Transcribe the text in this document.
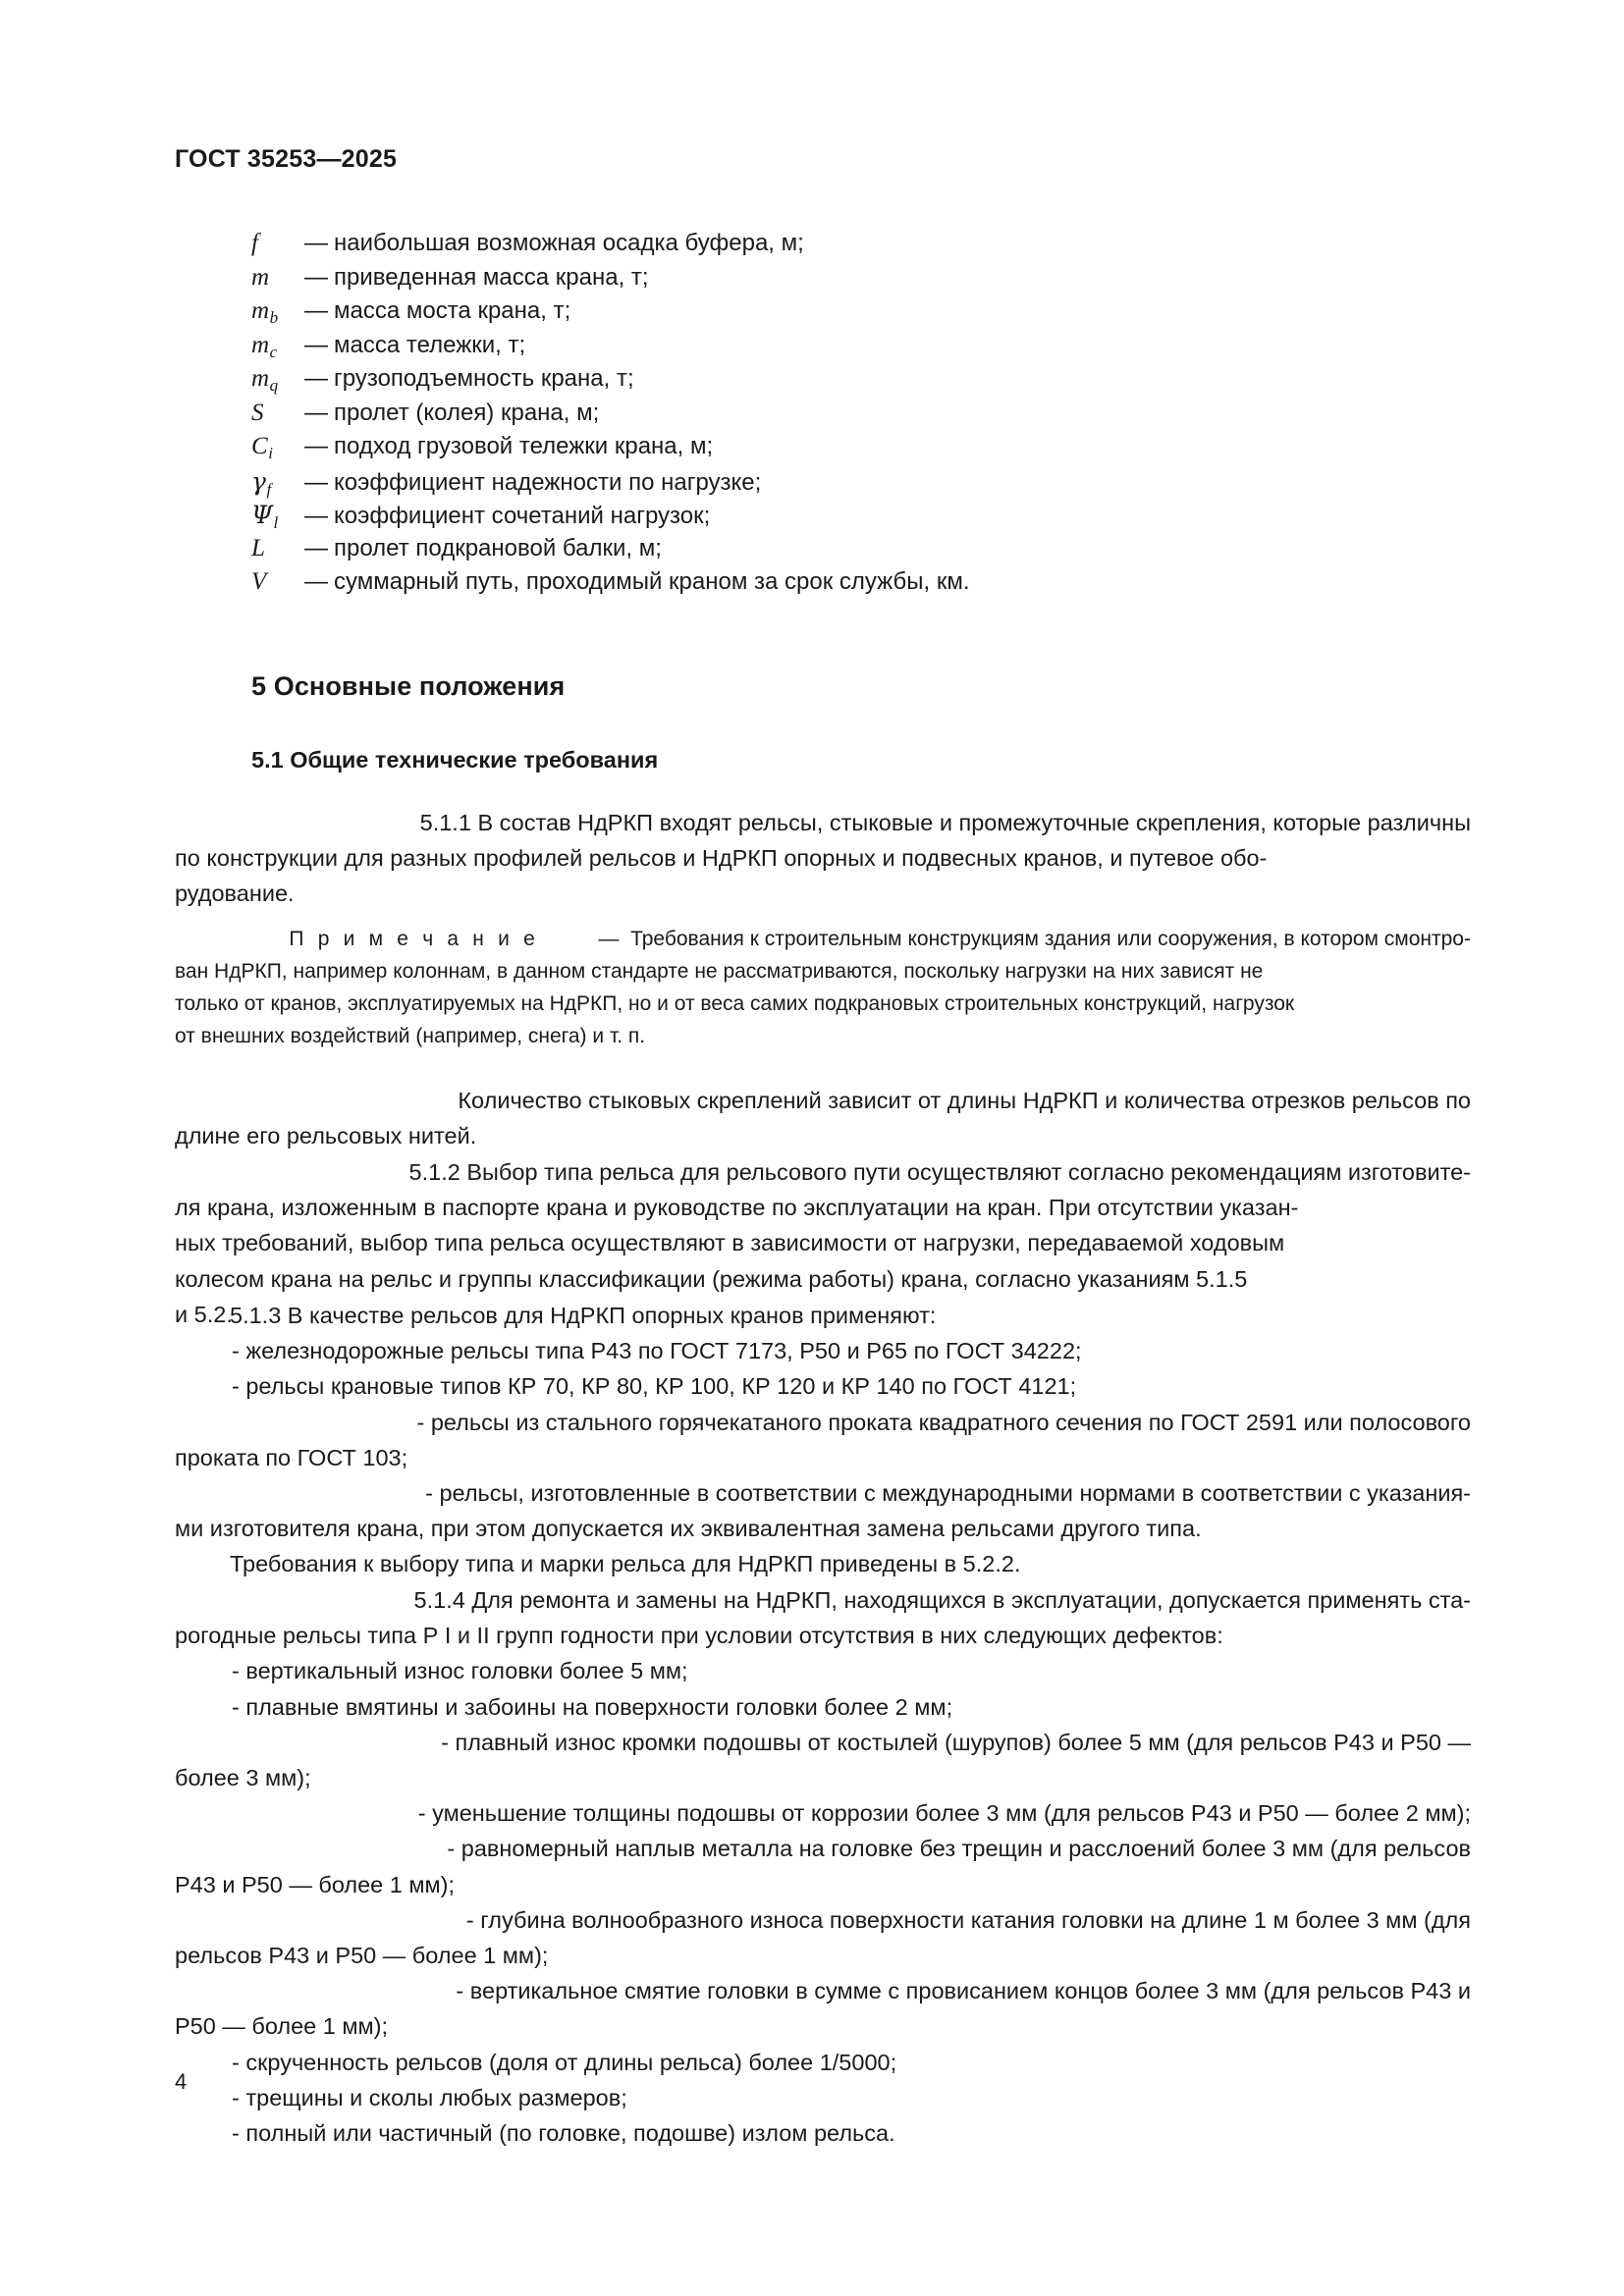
ГОСТ 35253—2025
f	— наибольшая возможная осадка буфера, м;
m	— приведенная масса крана, т;
$m_b$	— масса моста крана, т;
$m_c$	— масса тележки, т;
$m_q$	— грузоподъемность крана, т;
S	— пролет (колея) крана, м;
$C_i$	— подход грузовой тележки крана, м;
$\gamma_f$	— коэффициент надежности по нагрузке;
$\Psi_l$	— коэффициент сочетаний нагрузок;
L	— пролет подкрановой балки, м;
V	— суммарный путь, проходимый краном за срок службы, км.
5 Основные положения
5.1 Общие технические требования
5.1.1
В
состав
НдРКП
входят
рельсы,
стыковые
и
промежуточные
скрепления,
которые
различны
по
конструкции
для
разных
профилей
рельсов
и
НдРКП
опорных
и
подвесных
кранов,
и
путевое
обо-
рудование.
П р и м е ч а н и е	—

Требования
к
строительным
конструкциям
здания
или
сооружения,
в
котором
смонтро-
ван
НдРКП,
например
колоннам,
в
данном
стандарте
не
рассматриваются,
поскольку
нагрузки
на
них
зависят
не
только
от
кранов,
эксплуатируемых
на
НдРКП,
но
и
от
веса
самих
подкрановых
строительных
конструкций,
нагрузок
от внешних воздействий (например, снега) и т. п.
Количество
стыковых
скреплений
зависит
от
длины
НдРКП
и
количества
отрезков
рельсов
по
длине его рельсовых нитей.
5.1.2
Выбор
типа
рельса
для
рельсового
пути
осуществляют
согласно
рекомендациям
изготовите-
ля
крана,
изложенным
в
паспорте
крана
и
руководстве
по
эксплуатации
на
кран.
При
отсутствии
указан-
ных
требований,
выбор
типа
рельса
осуществляют
в
зависимости
от
нагрузки,
передаваемой
ходовым
колесом
крана
на
рельс
и
группы
классификации
(режима
работы)
крана,
согласно
указаниям
5.1.5
и 5.2.
5.1.3 В качестве рельсов для НдРКП опорных кранов применяют:
- железнодорожные рельсы типа Р43 по ГОСТ 7173, Р50 и Р65 по ГОСТ 34222;
- рельсы крановые типов КР 70, КР 80, КР 100, КР 120 и КР 140 по ГОСТ 4121;
-
рельсы
из
стального
горячекатаного
проката
квадратного
сечения
по
ГОСТ
2591
или
полосового
проката по ГОСТ 103;
-
рельсы,
изготовленные
в
соответствии
с
международными
нормами
в
соответствии
с
указания-
ми изготовителя крана, при этом допускается их эквивалентная замена рельсами другого типа.
Требования к выбору типа и марки рельса для НдРКП приведены в 5.2.2.
5.1.4
Для
ремонта
и
замены
на
НдРКП,
находящихся
в
эксплуатации,
допускается
применять
ста-
рогодные рельсы типа Р I и II групп годности при условии отсутствия в них следующих дефектов:
- вертикальный износ головки более 5 мм;
- плавные вмятины и забоины на поверхности головки более 2 мм;
-
плавный
износ
кромки
подошвы
от
костылей
(шурупов)
более
5
мм
(для
рельсов
Р43
и
Р50
—
более 3 мм);
-
уменьшение
толщины
подошвы
от
коррозии
более
3
мм
(для
рельсов
Р43
и
Р50
—
более
2
мм);
-
равномерный
наплыв
металла
на
головке
без
трещин
и
расслоений
более
3
мм
(для
рельсов
Р43 и Р50 — более 1 мм);
-
глубина
волнообразного
износа
поверхности
катания
головки
на
длине
1
м
более
3
мм
(для
рельсов Р43 и Р50 — более 1 мм);
-
вертикальное
смятие
головки
в
сумме
с
провисанием
концов
более
3
мм
(для
рельсов
Р43
и
Р50 — более 1 мм);
- скрученность рельсов (доля от длины рельса) более 1/5000;
- трещины и сколы любых размеров;
- полный или частичный (по головке, подошве) излом рельса.
4
